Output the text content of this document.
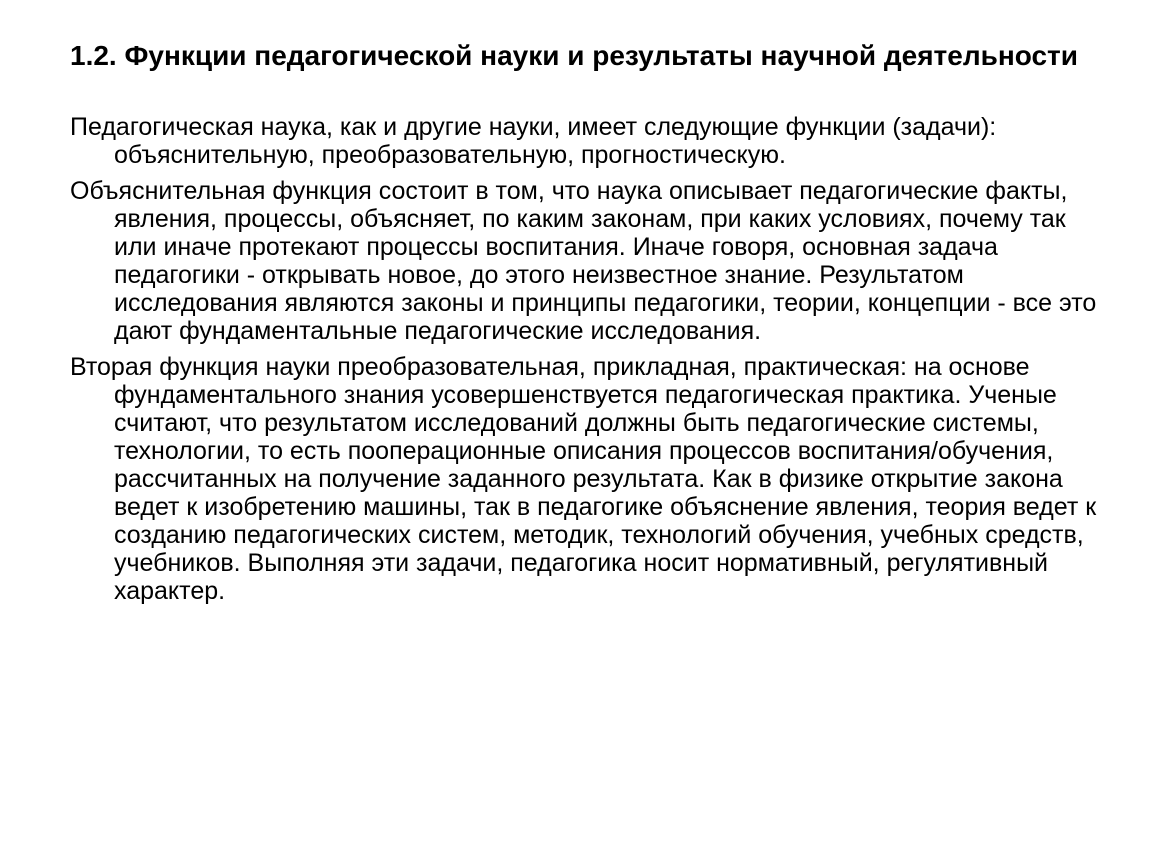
1.2. Функции педагогической науки и результаты научной деятельности

Педагогическая наука, как и другие науки, имеет следующие функции (задачи): объяснительную, преобразовательную, прогностическую.

Объяснительная функция состоит в том, что наука описывает педагогические факты, явления, процессы, объясняет, по каким законам, при каких условиях, почему так или иначе протекают процессы воспитания. Иначе говоря, основная задача педагогики - открывать новое, до этого неизвестное знание. Результатом исследования являются законы и принципы педагогики, теории, концепции - все это дают фундаментальные педагогические исследования.

Вторая функция науки преобразовательная, прикладная, практическая: на основе фундаментального знания усовершенствуется педагогическая практика. Ученые считают, что результатом исследований должны быть педагогические системы, технологии, то есть пооперационные описания процессов воспитания/обучения, рассчитанных на получение заданного результата. Как в физике открытие закона ведет к изобретению машины, так в педагогике объяснение явления, теория ведет к созданию педагогических систем, методик, технологий обучения, учебных средств, учебников. Выполняя эти задачи, педагогика носит нормативный, регулятивный характер.
